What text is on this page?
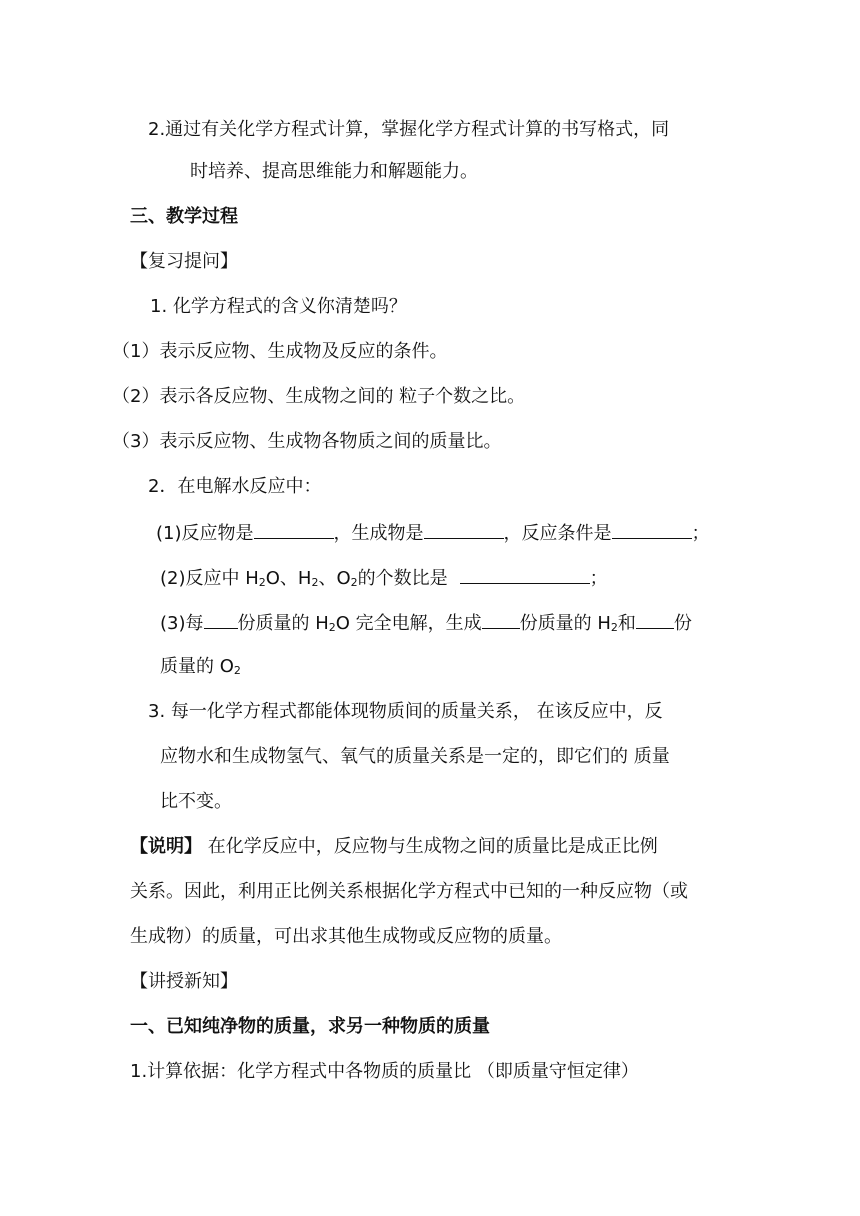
2.通过有关化学方程式计算，掌握化学方程式计算的书写格式，同
时培养、提高思维能力和解题能力。
三、教学过程
【复习提问】
1. 化学方程式的含义你清楚吗？
（1）表示反应物、生成物及反应的条件。
（2）表示各反应物、生成物之间的 粒子个数之比。
（3）表示反应物、生成物各物质之间的质量比。
2．在电解水反应中：
(1)反应物是	，生成物是	，反应条件是	；
(2)反应中 $H_2O$、$H_2$、$O_2$的个数比是	；
(3)每 份质量的 $H_2O$ 完全电解，生成 份质量的 $H_2$和 份
质量的 $O_2$
3. 每一化学方程式都能体现物质间的质量关系， 在该反应中，反
应物水和生成物氢气、氧气的质量关系是一定的，即它们的 质量
比不变。
【说明】 在化学反应中，反应物与生成物之间的质量比是成正比例
关系。因此，利用正比例关系根据化学方程式中已知的一种反应物（或
生成物）的质量，可出求其他生成物或反应物的质量。
【讲授新知】
一、已知纯净物的质量，求另一种物质的质量
1.计算依据：化学方程式中各物质的质量比 （即质量守恒定律）
